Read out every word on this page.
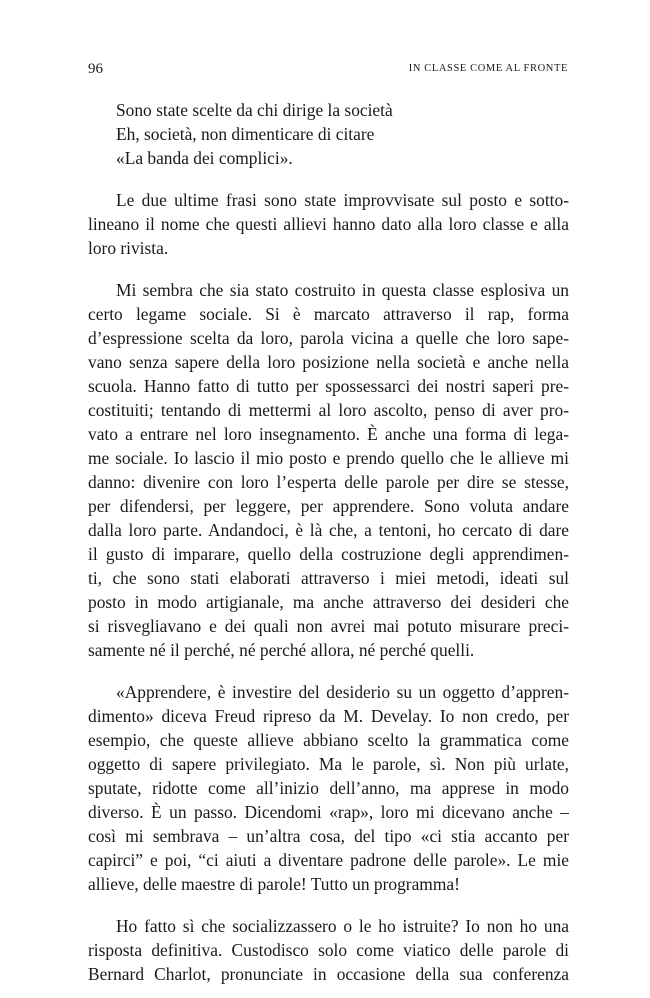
96	IN CLASSE COME AL FRONTE
Sono state scelte da chi dirige la società
Eh, società, non dimenticare di citare
«La banda dei complici».
Le due ultime frasi sono state improvvisate sul posto e sotto-
lineano il nome che questi allievi hanno dato alla loro classe e alla
loro rivista.
Mi sembra che sia stato costruito in questa classe esplosiva un
certo legame sociale. Si è marcato attraverso il rap, forma
d’espressione scelta da loro, parola vicina a quelle che loro sape-
vano senza sapere della loro posizione nella società e anche nella
scuola. Hanno fatto di tutto per spossessarci dei nostri saperi pre-
costituiti; tentando di mettermi al loro ascolto, penso di aver pro-
vato a entrare nel loro insegnamento. È anche una forma di lega-
me sociale. Io lascio il mio posto e prendo quello che le allieve mi
danno: divenire con loro l’esperta delle parole per dire se stesse,
per difendersi, per leggere, per apprendere. Sono voluta andare
dalla loro parte. Andandoci, è là che, a tentoni, ho cercato di dare
il gusto di imparare, quello della costruzione degli apprendimen-
ti, che sono stati elaborati attraverso i miei metodi, ideati sul
posto in modo artigianale, ma anche attraverso dei desideri che
si risvegliavano e dei quali non avrei mai potuto misurare preci-
samente né il perché, né perché allora, né perché quelli.
«Apprendere, è investire del desiderio su un oggetto d’appren-
dimento» diceva Freud ripreso da M. Develay. Io non credo, per
esempio, che queste allieve abbiano scelto la grammatica come
oggetto di sapere privilegiato. Ma le parole, sì. Non più urlate,
sputate, ridotte come all’inizio dell’anno, ma apprese in modo
diverso. È un passo. Dicendomi «rap», loro mi dicevano anche –
così mi sembrava – un’altra cosa, del tipo «ci stia accanto per
capirci” e poi, “ci aiuti a diventare padrone delle parole». Le mie
allieve, delle maestre di parole! Tutto un programma!
Ho fatto sì che socializzassero o le ho istruite? Io non ho una
risposta definitiva. Custodisco solo come viatico delle parole di
Bernard Charlot, pronunciate in occasione della sua conferenza
